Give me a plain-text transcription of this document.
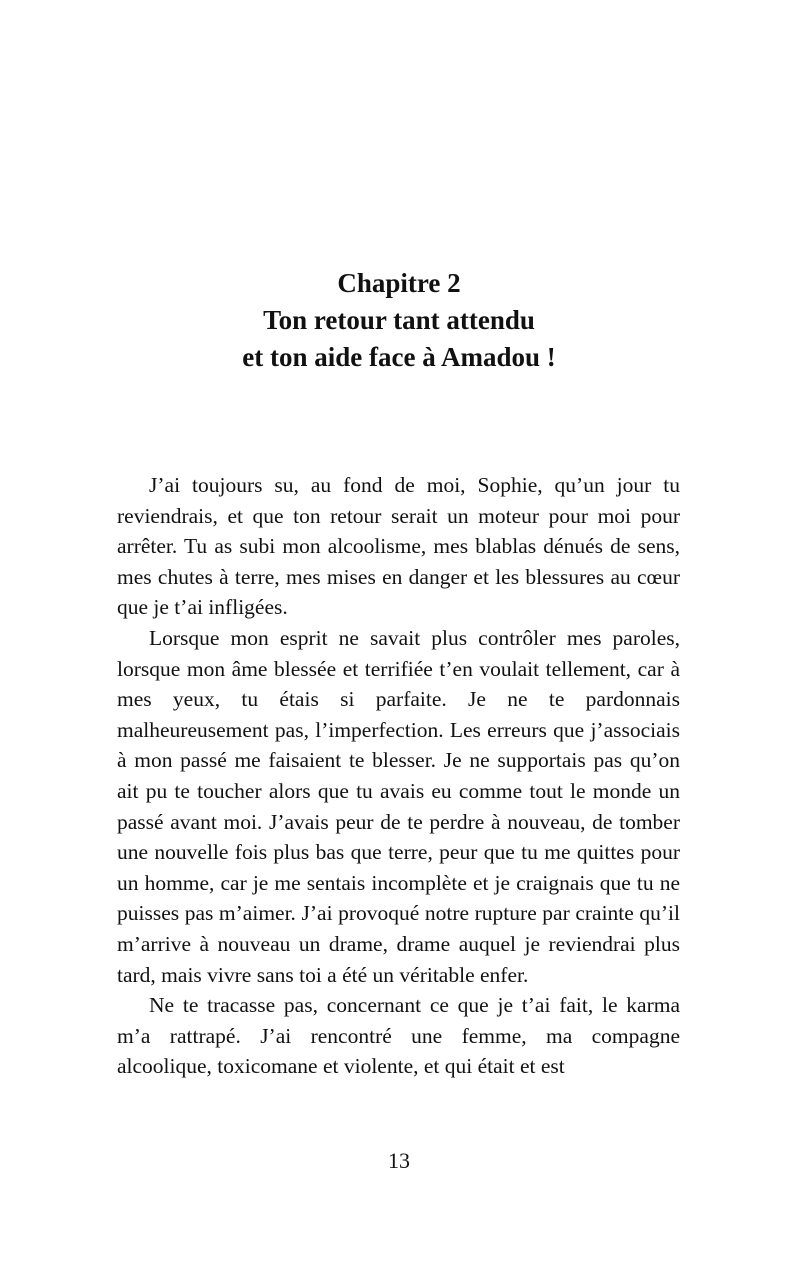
Chapitre 2
Ton retour tant attendu
et ton aide face à Amadou !

J’ai toujours su, au fond de moi, Sophie, qu’un jour tu reviendrais, et que ton retour serait un moteur pour moi pour arrêter. Tu as subi mon alcoolisme, mes blablas dénués de sens, mes chutes à terre, mes mises en danger et les blessures au cœur que je t’ai infligées.

Lorsque mon esprit ne savait plus contrôler mes paroles, lorsque mon âme blessée et terrifiée t’en voulait tellement, car à mes yeux, tu étais si parfaite. Je ne te pardonnais malheureusement pas, l’imperfection. Les erreurs que j’associais à mon passé me faisaient te blesser. Je ne supportais pas qu’on ait pu te toucher alors que tu avais eu comme tout le monde un passé avant moi. J’avais peur de te perdre à nouveau, de tomber une nouvelle fois plus bas que terre, peur que tu me quittes pour un homme, car je me sentais incomplète et je craignais que tu ne puisses pas m’aimer. J’ai provoqué notre rupture par crainte qu’il m’arrive à nouveau un drame, drame auquel je reviendrai plus tard, mais vivre sans toi a été un véritable enfer.

Ne te tracasse pas, concernant ce que je t’ai fait, le karma m’a rattrapé. J’ai rencontré une femme, ma compagne alcoolique, toxicomane et violente, et qui était et est

13
